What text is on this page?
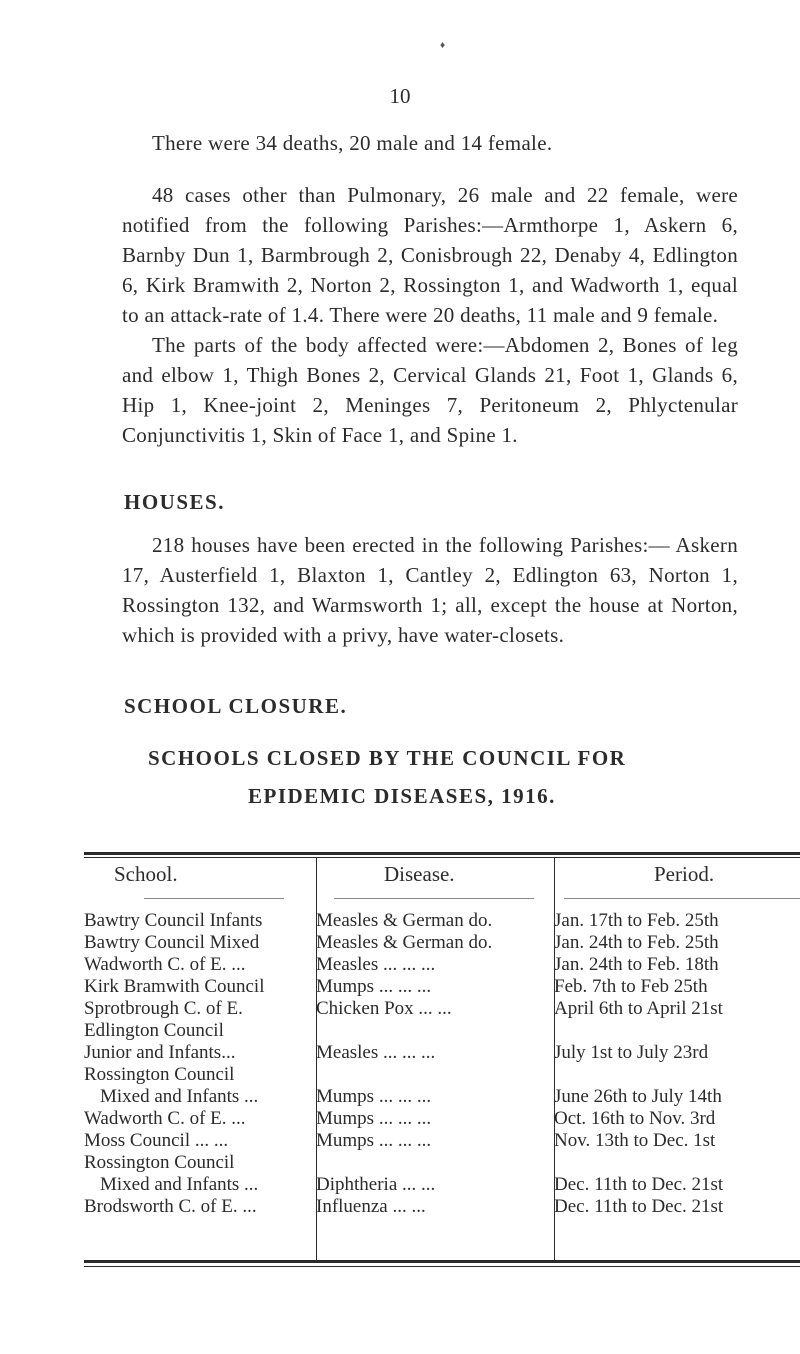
♦
10

There were 34 deaths, 20 male and 14 female.

48 cases other than Pulmonary, 26 male and 22 female, were notified from the following Parishes:—Armthorpe 1, Askern 6, Barnby Dun 1, Barmbrough 2, Conisbrough 22, Denaby 4, Edlington 6, Kirk Bramwith 2, Norton 2, Rossington 1, and Wadworth 1, equal to an attack-rate of 1.4. There were 20 deaths, 11 male and 9 female.

The parts of the body affected were:—Abdomen 2, Bones of leg and elbow 1, Thigh Bones 2, Cervical Glands 21, Foot 1, Glands 6, Hip 1, Knee-joint 2, Meninges 7, Peritoneum 2, Phlyctenular Conjunctivitis 1, Skin of Face 1, and Spine 1.

HOUSES.

218 houses have been erected in the following Parishes:— Askern 17, Austerfield 1, Blaxton 1, Cantley 2, Edlington 63, Norton 1, Rossington 132, and Warmsworth 1; all, except the house at Norton, which is provided with a privy, have water-closets.

SCHOOL CLOSURE.
SCHOOLS CLOSED BY THE COUNCIL FOR
EPIDEMIC DISEASES, 1916.
School.	Disease.	Period.
Bawtry Council Infants	Measles & German do.	Jan. 17th to Feb. 25th
Bawtry Council Mixed	Measles & German do.	Jan. 24th to Feb. 25th
Wadworth C. of E. ...	Measles ... ... ...	Jan. 24th to Feb. 18th
Kirk Bramwith Council	Mumps ... ... ...	Feb. 7th to Feb 25th
Sprotbrough C. of E.	Chicken Pox ... ...	April 6th to April 21st
Edlington Council
Junior and Infants...	Measles ... ... ...	July 1st to July 23rd
Rossington Council
Mixed and Infants ...	Mumps ... ... ...	June 26th to July 14th
Wadworth C. of E. ...	Mumps ... ... ...	Oct. 16th to Nov. 3rd
Moss Council ... ...	Mumps ... ... ...	Nov. 13th to Dec. 1st
Rossington Council
Mixed and Infants ...	Diphtheria ... ...	Dec. 11th to Dec. 21st
Brodsworth C. of E. ...	Influenza ... ...	Dec. 11th to Dec. 21st
